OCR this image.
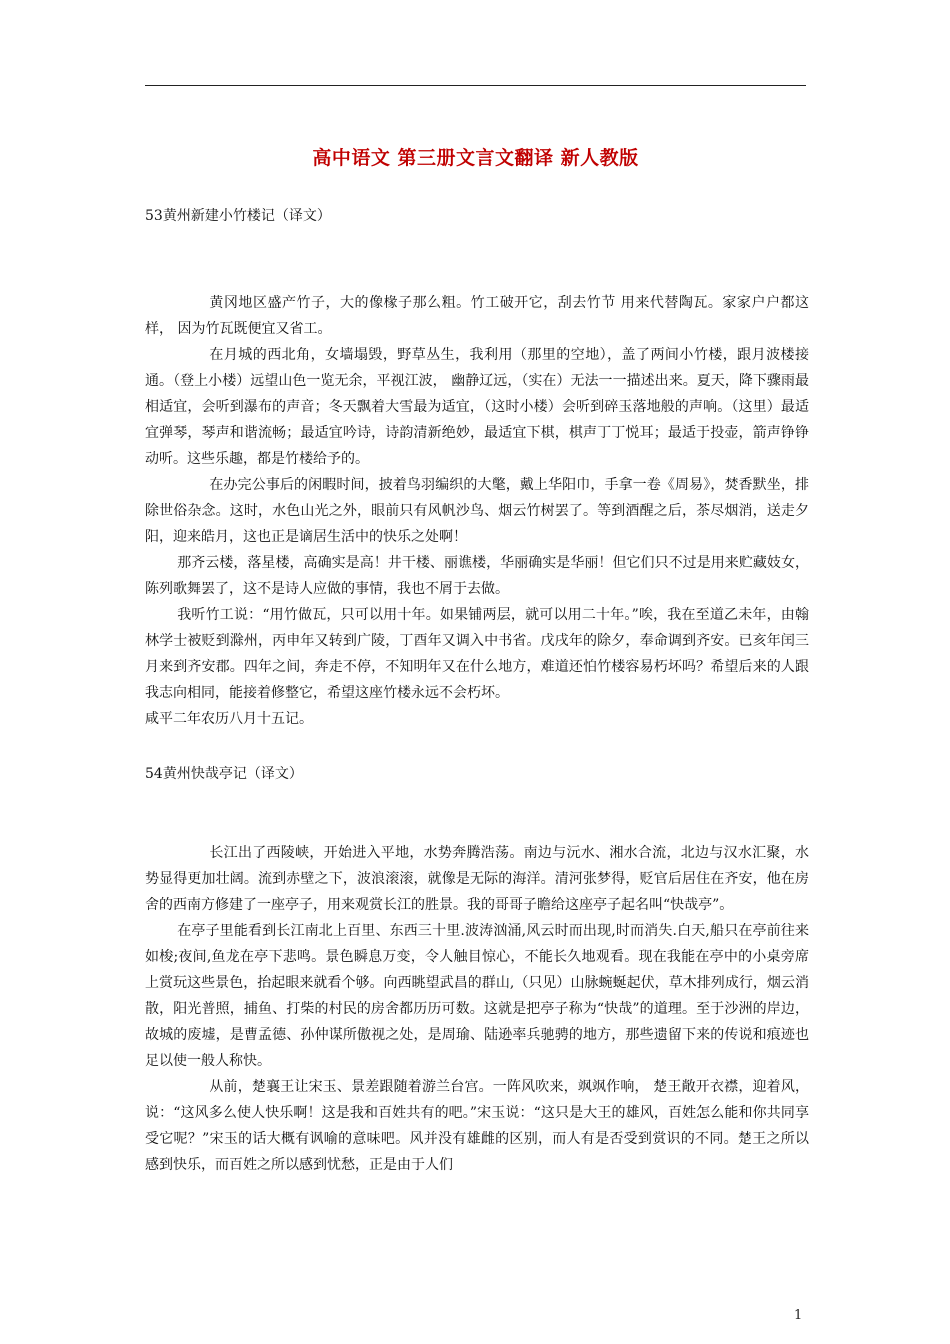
高中语文 第三册文言文翻译 新人教版
53黄州新建小竹楼记（译文）

黄冈地区盛产竹子，大的像椽子那么粗。竹工破开它，刮去竹节 用来代替陶瓦。家家户户都这样， 因为竹瓦既便宜又省工。

在月城的西北角，女墙塌毁，野草丛生，我利用（那里的空地），盖了两间小竹楼，跟月波楼接通。（登上小楼）远望山色一览无余，平视江波， 幽静辽远，（实在）无法一一描述出来。夏天，降下骤雨最相适宜，会听到瀑布的声音；冬天飘着大雪最为适宜，（这时小楼）会听到碎玉落地般的声响。（这里）最适宜弹琴，琴声和谐流畅；最适宜吟诗，诗韵清新绝妙，最适宜下棋，棋声丁丁悦耳；最适于投壶，箭声铮铮动听。这些乐趣，都是竹楼给予的。

在办完公事后的闲暇时间，披着鸟羽编织的大氅，戴上华阳巾，手拿一卷《周易》，焚香默坐，排除世俗杂念。这时，水色山光之外，眼前只有风帆沙鸟、烟云竹树罢了。等到酒醒之后，茶尽烟消，送走夕阳，迎来皓月，这也正是谪居生活中的快乐之处啊！

那齐云楼，落星楼，高确实是高！井干楼、丽谯楼，华丽确实是华丽！但它们只不过是用来贮藏妓女，陈列歌舞罢了，这不是诗人应做的事情，我也不屑于去做。

我听竹工说：“用竹做瓦，只可以用十年。如果铺两层，就可以用二十年。”唉，我在至道乙未年，由翰林学士被贬到滁州，丙申年又转到广陵，丁酉年又调入中书省。戊戌年的除夕，奉命调到齐安。已亥年闰三月来到齐安郡。四年之间，奔走不停，不知明年又在什么地方，难道还怕竹楼容易朽坏吗？希望后来的人跟我志向相同，能接着修整它，希望这座竹楼永远不会朽坏。

咸平二年农历八月十五记。

54黄州快哉亭记（译文）

长江出了西陵峡，开始进入平地，水势奔腾浩荡。南边与沅水、湘水合流，北边与汉水汇聚，水势显得更加壮阔。流到赤壁之下，波浪滚滚，就像是无际的海洋。清河张梦得，贬官后居住在齐安，他在房舍的西南方修建了一座亭子，用来观赏长江的胜景。我的哥哥子瞻给这座亭子起名叫“快哉亭”。

在亭子里能看到长江南北上百里、东西三十里.波涛汹涌,风云时而出现,时而消失.白天,船只在亭前往来如梭;夜间,鱼龙在亭下悲鸣。景色瞬息万变，令人触目惊心，不能长久地观看。现在我能在亭中的小桌旁席上赏玩这些景色，抬起眼来就看个够。向西眺望武昌的群山,（只见）山脉蜿蜒起伏，草木排列成行，烟云消散，阳光普照，捕鱼、打柴的村民的房舍都历历可数。这就是把亭子称为“快哉”的道理。至于沙洲的岸边，故城的废墟，是曹孟德、孙仲谋所傲视之处，是周瑜、陆逊率兵驰骋的地方，那些遗留下来的传说和痕迹也足以使一般人称快。

从前，楚襄王让宋玉、景差跟随着游兰台宫。一阵风吹来，飒飒作响， 楚王敞开衣襟，迎着风，说：“这风多么使人快乐啊！这是我和百姓共有的吧。”宋玉说：“这只是大王的雄风，百姓怎么能和你共同享受它呢？”宋玉的话大概有讽喻的意味吧。风并没有雄雌的区别，而人有是否受到赏识的不同。楚王之所以感到快乐，而百姓之所以感到忧愁，正是由于人们

1
